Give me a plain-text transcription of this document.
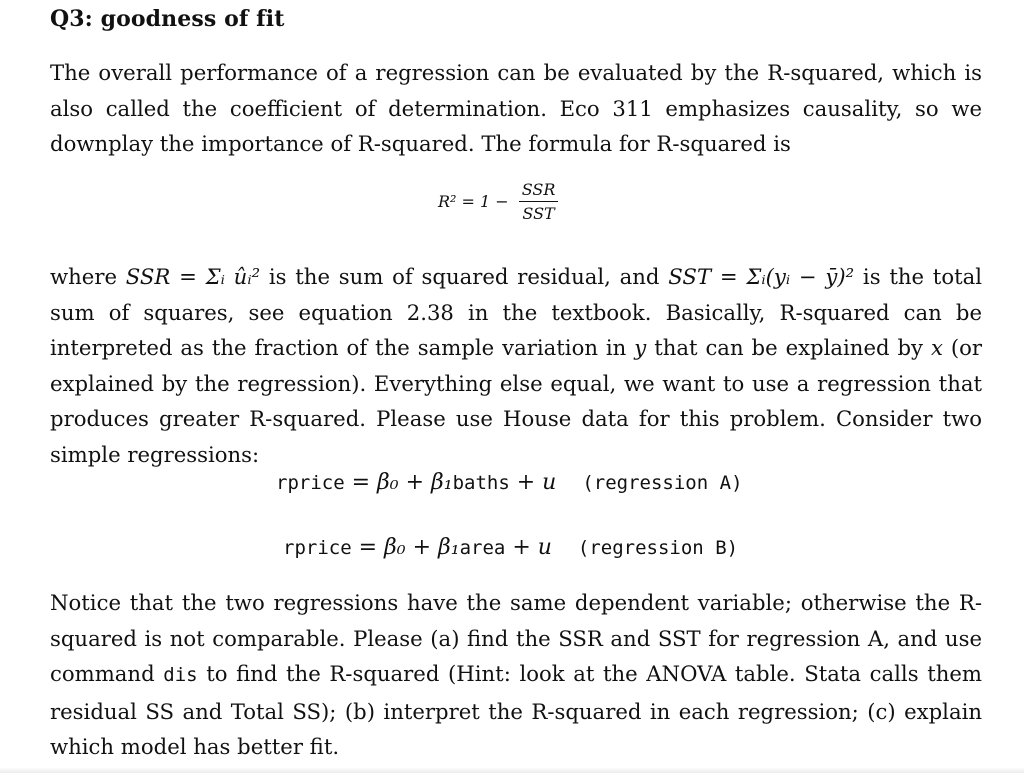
Q3: goodness of fit
The overall performance of a regression can be evaluated by the R-squared, which is also called the coefficient of determination. Eco 311 emphasizes causality, so we downplay the importance of R-squared. The formula for R-squared is
$R^2 = 1 - \frac{\text{SSR}}{\text{SST}}$
where SSR = Σᵢ ûᵢ² is the sum of squared residual, and SST = Σᵢ(yᵢ − ȳ)² is the total sum of squares, see equation 2.38 in the textbook. Basically, R-squared can be interpreted as the fraction of the sample variation in y that can be explained by x (or explained by the regression). Everything else equal, we want to use a regression that produces greater R-squared. Please use House data for this problem. Consider two simple regressions:
rprice = β₀ + β₁baths + u (regression A)
rprice = β₀ + β₁area + u (regression B)
Notice that the two regressions have the same dependent variable; otherwise the R-squared is not comparable. Please (a) find the SSR and SST for regression A, and use command dis to find the R-squared (Hint: look at the ANOVA table. Stata calls them residual SS and Total SS); (b) interpret the R-squared in each regression; (c) explain which model has better fit.
